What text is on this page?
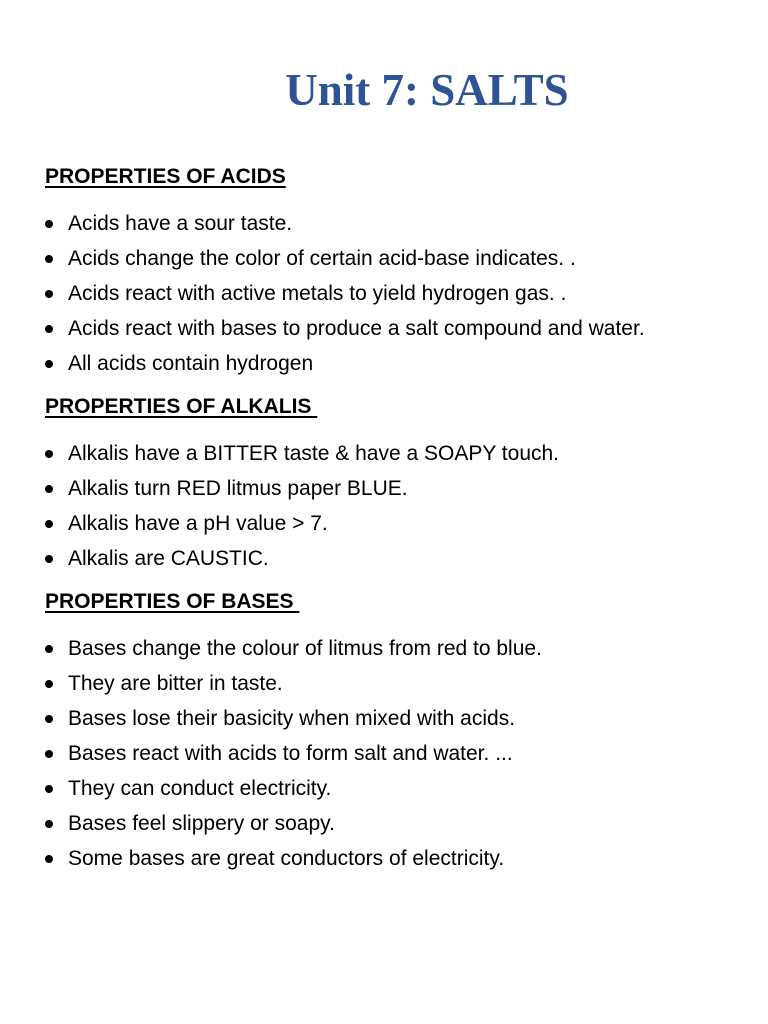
Unit 7: SALTS
PROPERTIES OF ACIDS
Acids have a sour taste.
Acids change the color of certain acid-base indicates. .
Acids react with active metals to yield hydrogen gas. .
Acids react with bases to produce a salt compound and water.
All acids contain hydrogen
PROPERTIES OF ALKALIS
Alkalis have a BITTER taste & have a SOAPY touch.
Alkalis turn RED litmus paper BLUE.
Alkalis have a pH value > 7.
Alkalis are CAUSTIC.
PROPERTIES OF BASES
Bases change the colour of litmus from red to blue.
They are bitter in taste.
Bases lose their basicity when mixed with acids.
Bases react with acids to form salt and water. ...
They can conduct electricity.
Bases feel slippery or soapy.
Some bases are great conductors of electricity.
